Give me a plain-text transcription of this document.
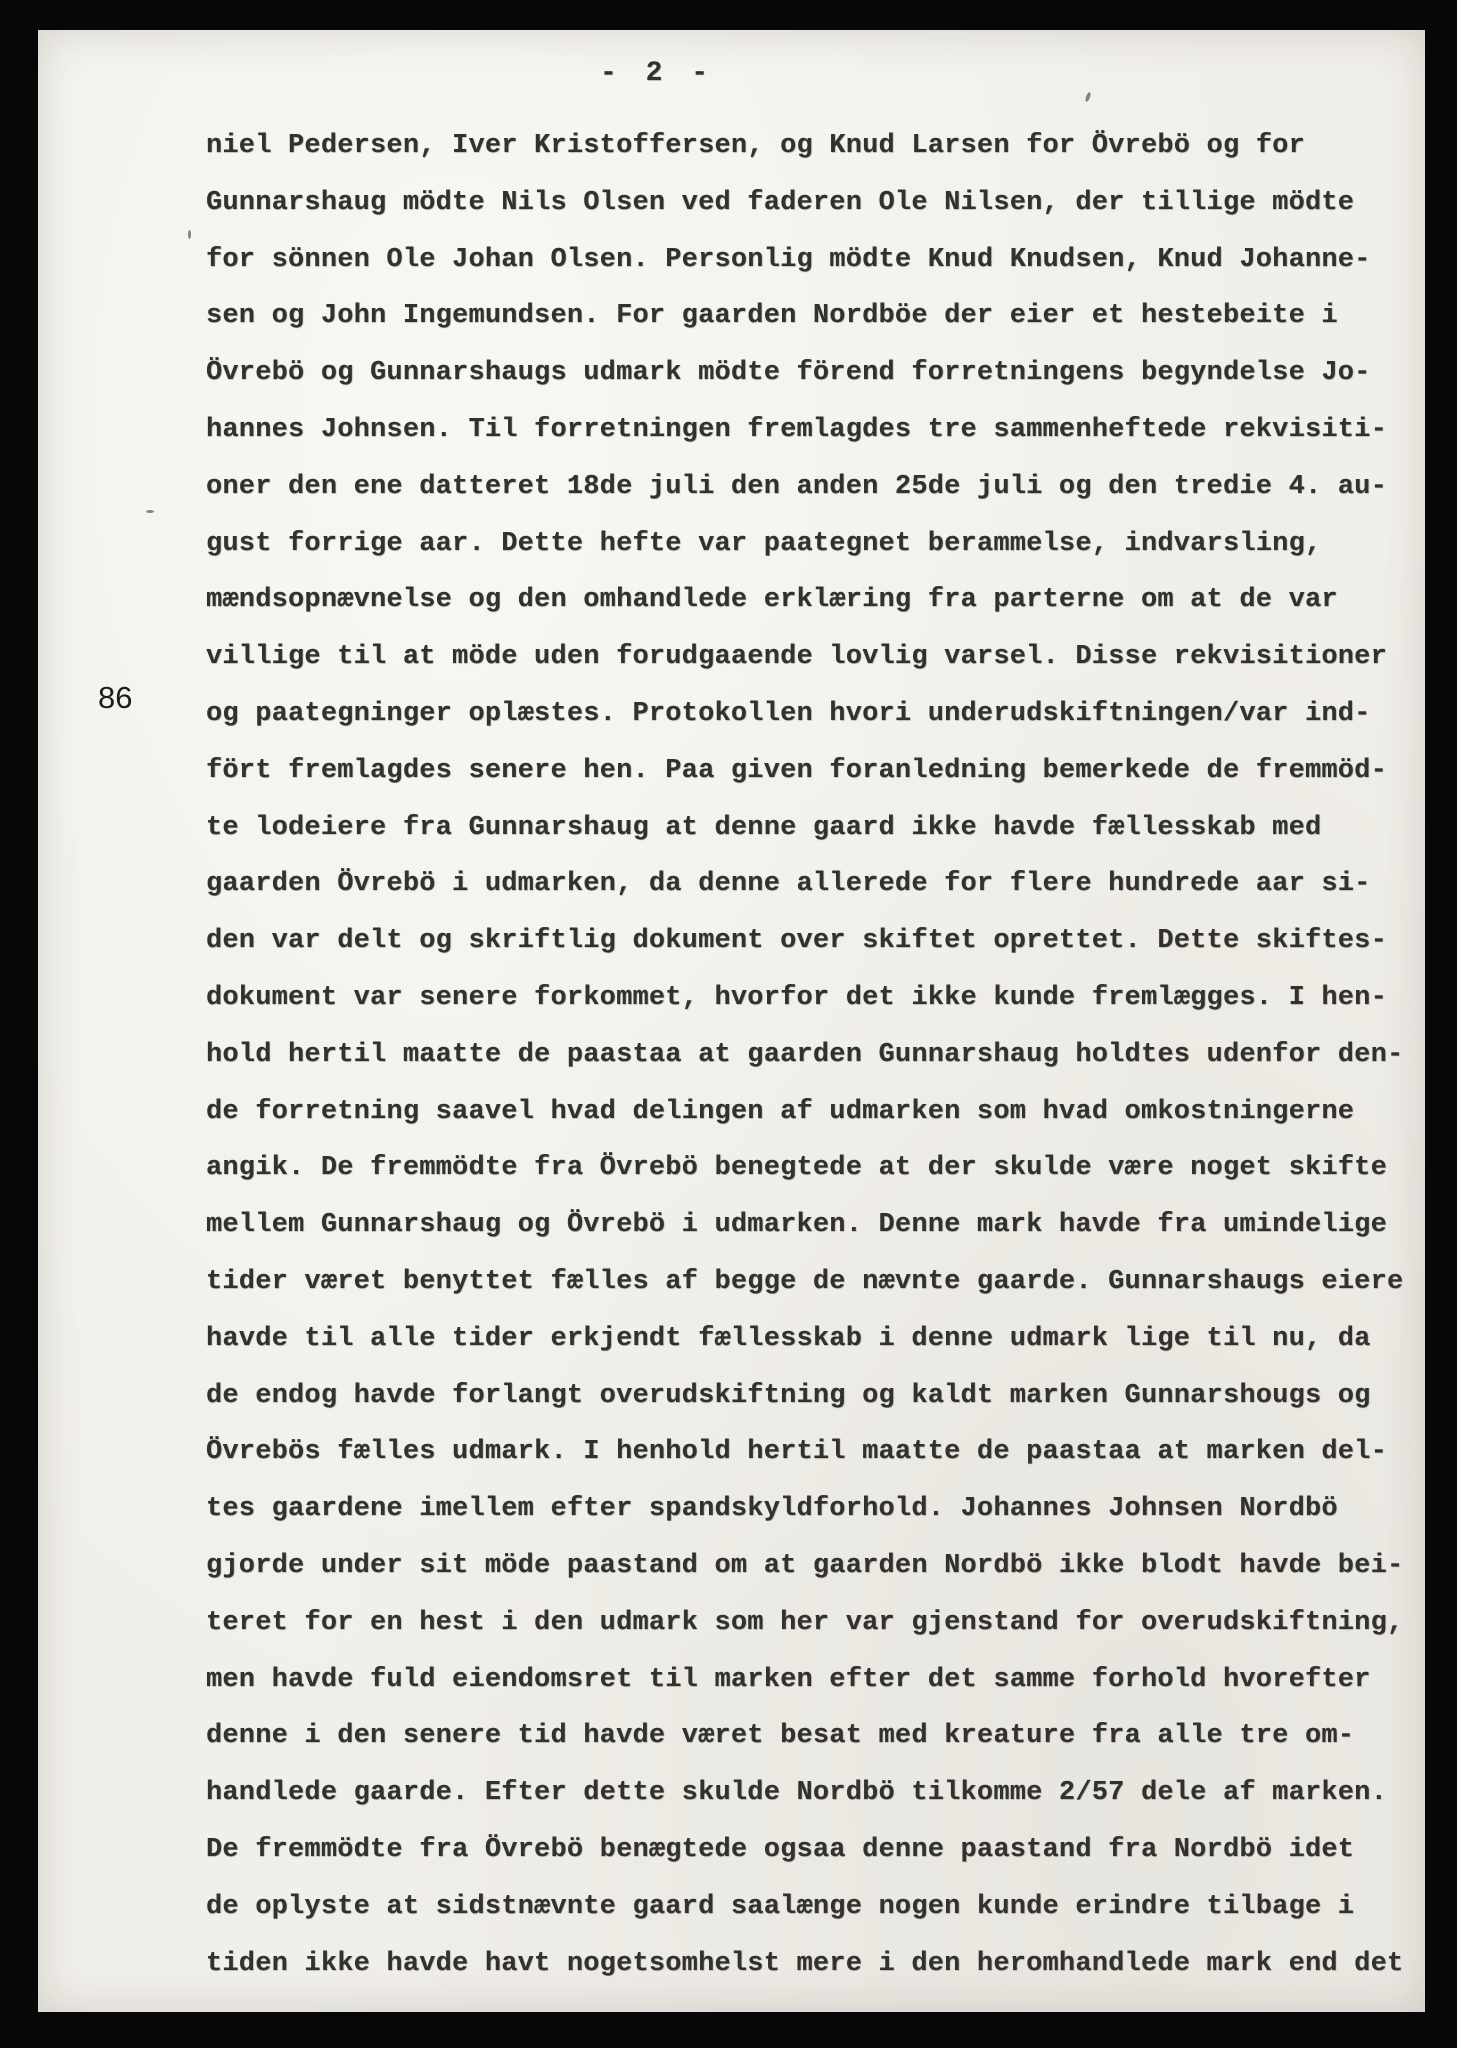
- 2 -
86
niel Pedersen, Iver Kristoffersen, og Knud Larsen for Övrebö og for
Gunnarshaug mödte Nils Olsen ved faderen Ole Nilsen, der tillige mödte
for sönnen Ole Johan Olsen. Personlig mödte Knud Knudsen, Knud Johanne-
sen og John Ingemundsen. For gaarden Nordböe der eier et hestebeite i
Övrebö og Gunnarshaugs udmark mödte förend forretningens begyndelse Jo-
hannes Johnsen. Til forretningen fremlagdes tre sammenheftede rekvisiti-
oner den ene datteret 18de juli den anden 25de juli og den tredie 4. au-
gust forrige aar. Dette hefte var paategnet berammelse, indvarsling,
mændsopnævnelse og den omhandlede erklæring fra parterne om at de var
villige til at möde uden forudgaaende lovlig varsel. Disse rekvisitioner
og paategninger oplæstes. Protokollen hvori underudskiftningen/var ind-
fört fremlagdes senere hen. Paa given foranledning bemerkede de fremmöd-
te lodeiere fra Gunnarshaug at denne gaard ikke havde fællesskab med
gaarden Övrebö i udmarken, da denne allerede for flere hundrede aar si-
den var delt og skriftlig dokument over skiftet oprettet. Dette skiftes-
dokument var senere forkommet, hvorfor det ikke kunde fremlægges. I hen-
hold hertil maatte de paastaa at gaarden Gunnarshaug holdtes udenfor den-
de forretning saavel hvad delingen af udmarken som hvad omkostningerne
angik. De fremmödte fra Övrebö benegtede at der skulde være noget skifte
mellem Gunnarshaug og Övrebö i udmarken. Denne mark havde fra umindelige
tider været benyttet fælles af begge de nævnte gaarde. Gunnarshaugs eiere
havde til alle tider erkjendt fællesskab i denne udmark lige til nu, da
de endog havde forlangt overudskiftning og kaldt marken Gunnarshougs og
Övrebös fælles udmark. I henhold hertil maatte de paastaa at marken del-
tes gaardene imellem efter spandskyldforhold. Johannes Johnsen Nordbö
gjorde under sit möde paastand om at gaarden Nordbö ikke blodt havde bei-
teret for en hest i den udmark som her var gjenstand for overudskiftning,
men havde fuld eiendomsret til marken efter det samme forhold hvorefter
denne i den senere tid havde været besat med kreature fra alle tre om-
handlede gaarde. Efter dette skulde Nordbö tilkomme 2/57 dele af marken.
De fremmödte fra Övrebö benægtede ogsaa denne paastand fra Nordbö idet
de oplyste at sidstnævnte gaard saalænge nogen kunde erindre tilbage i
tiden ikke havde havt nogetsomhelst mere i den heromhandlede mark end det
